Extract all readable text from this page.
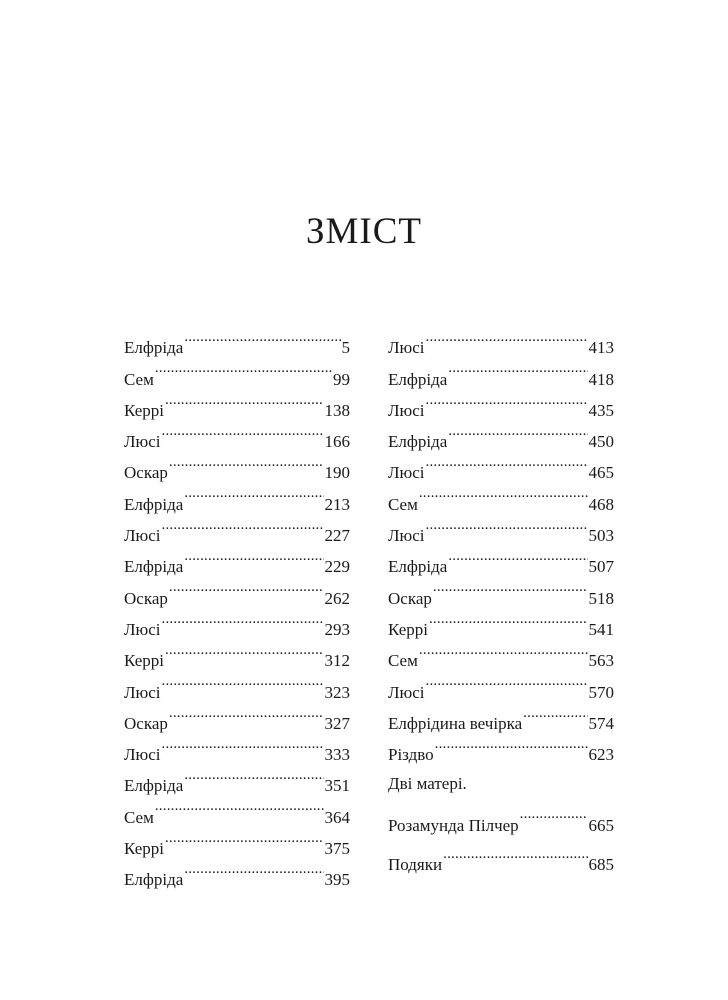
ЗМІСТ
Елфріда .....	5
Сем .....	99
Керрі .....	138
Люсі .....	166
Оскар .....	190
Елфріда .....	213
Люсі .....	227
Елфріда .....	229
Оскар .....	262
Люсі .....	293
Керрі .....	312
Люсі .....	323
Оскар .....	327
Люсі .....	333
Елфріда .....	351
Сем .....	364
Керрі .....	375
Елфріда .....	395
Люсі .....	413
Елфріда .....	418
Люсі .....	435
Елфріда .....	450
Люсі .....	465
Сем .....	468
Люсі .....	503
Елфріда .....	507
Оскар .....	518
Керрі .....	541
Сем .....	563
Люсі .....	570
Елфрідина вечірка .....	574
Різдво .....	623
Дві матері.
Розамунда Пілчер .....	665
Подяки .....	685
